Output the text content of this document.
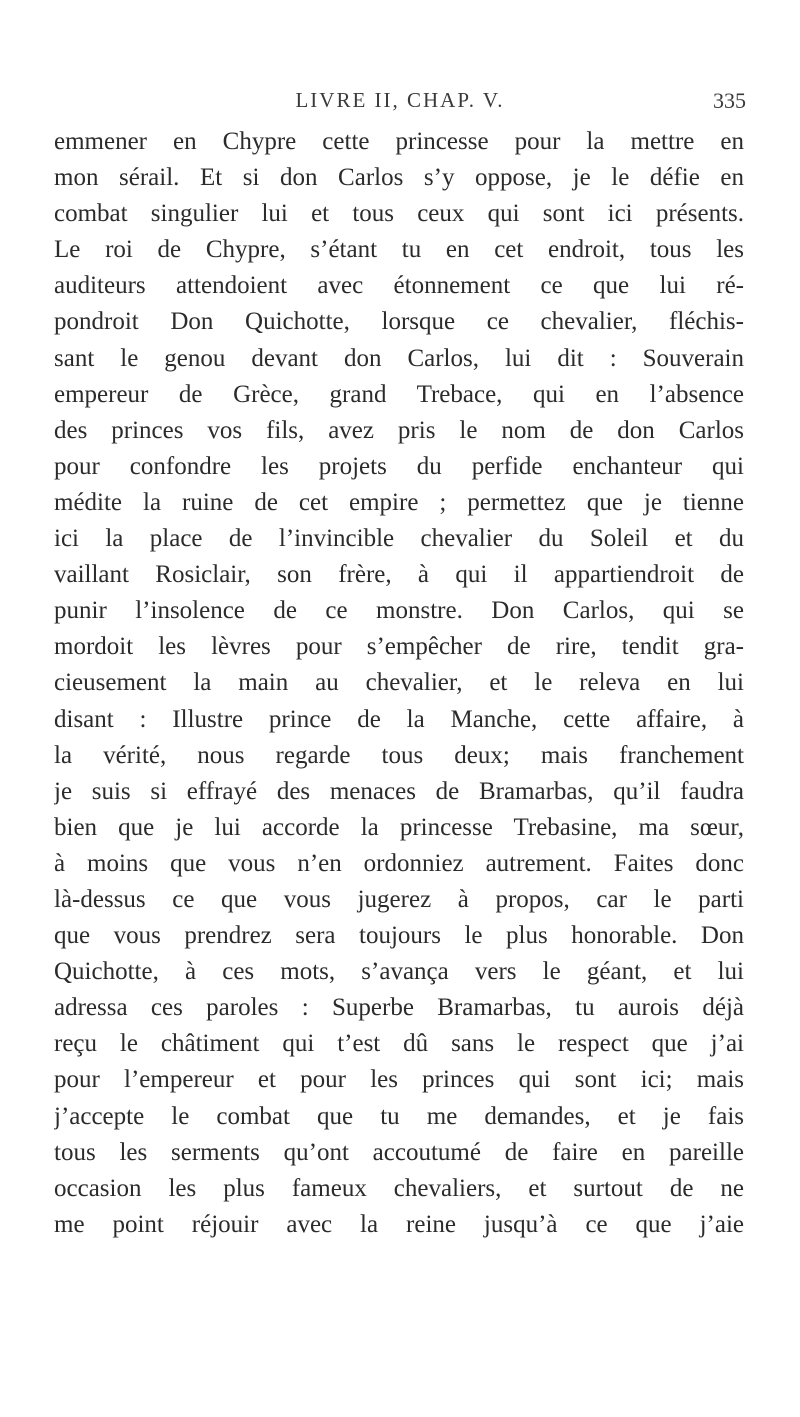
LIVRE II, CHAP. V.	335
emmener en Chypre cette princesse pour la mettre en
mon sérail. Et si don Carlos s’y oppose, je le défie en
combat singulier lui et tous ceux qui sont ici présents.
Le roi de Chypre, s’étant tu en cet endroit, tous les
auditeurs attendoient avec étonnement ce que lui ré-
pondroit Don Quichotte, lorsque ce chevalier, fléchis-
sant le genou devant don Carlos, lui dit : Souverain
empereur de Grèce, grand Trebace, qui en l’absence
des princes vos fils, avez pris le nom de don Carlos
pour confondre les projets du perfide enchanteur qui
médite la ruine de cet empire ; permettez que je tienne
ici la place de l’invincible chevalier du Soleil et du
vaillant Rosiclair, son frère, à qui il appartiendroit de
punir l’insolence de ce monstre. Don Carlos, qui se
mordoit les lèvres pour s’empêcher de rire, tendit gra-
cieusement la main au chevalier, et le releva en lui
disant : Illustre prince de la Manche, cette affaire, à
la vérité, nous regarde tous deux; mais franchement
je suis si effrayé des menaces de Bramarbas, qu’il faudra
bien que je lui accorde la princesse Trebasine, ma sœur,
à moins que vous n’en ordonniez autrement. Faites donc
là-dessus ce que vous jugerez à propos, car le parti
que vous prendrez sera toujours le plus honorable. Don
Quichotte, à ces mots, s’avança vers le géant, et lui
adressa ces paroles : Superbe Bramarbas, tu aurois déjà
reçu le châtiment qui t’est dû sans le respect que j’ai
pour l’empereur et pour les princes qui sont ici; mais
j’accepte le combat que tu me demandes, et je fais
tous les serments qu’ont accoutumé de faire en pareille
occasion les plus fameux chevaliers, et surtout de ne
me point réjouir avec la reine jusqu’à ce que j’aie
